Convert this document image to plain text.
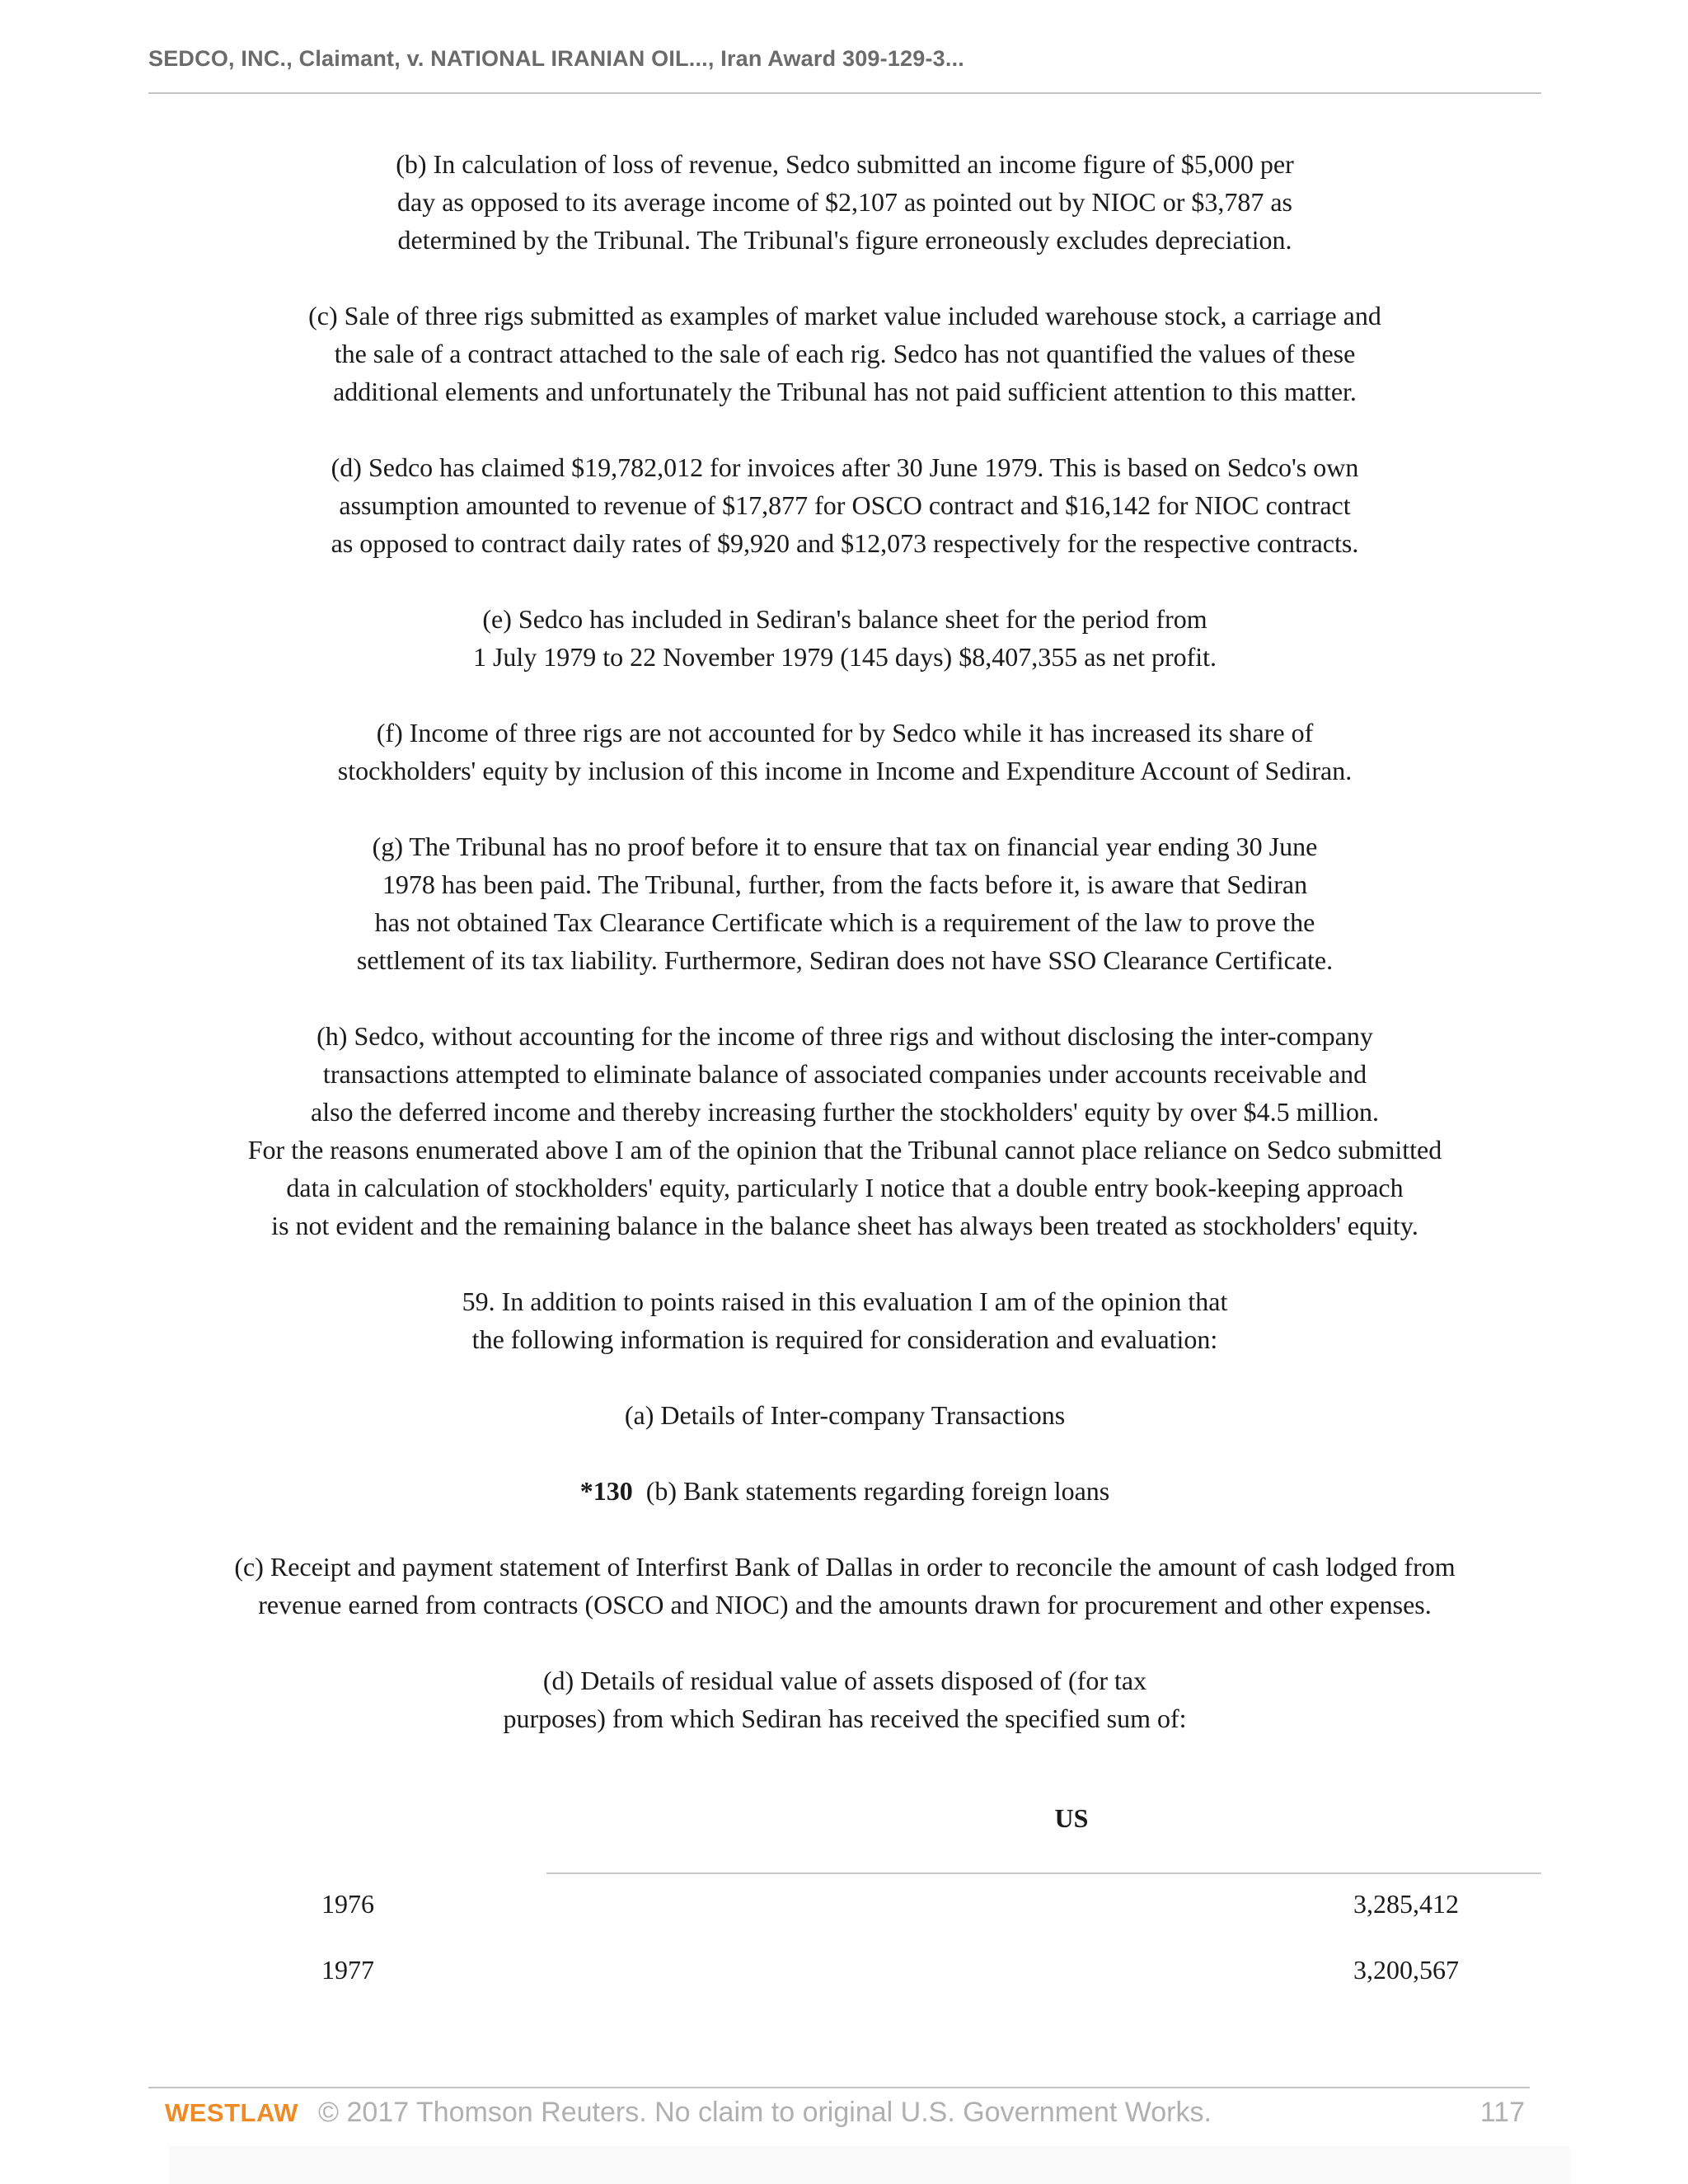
SEDCO, INC., Claimant, v. NATIONAL IRANIAN OIL..., Iran Award 309-129-3...
(b) In calculation of loss of revenue, Sedco submitted an income figure of $5,000 per
day as opposed to its average income of $2,107 as pointed out by NIOC or $3,787 as
determined by the Tribunal. The Tribunal's figure erroneously excludes depreciation.
(c) Sale of three rigs submitted as examples of market value included warehouse stock, a carriage and
the sale of a contract attached to the sale of each rig. Sedco has not quantified the values of these
additional elements and unfortunately the Tribunal has not paid sufficient attention to this matter.
(d) Sedco has claimed $19,782,012 for invoices after 30 June 1979. This is based on Sedco's own
assumption amounted to revenue of $17,877 for OSCO contract and $16,142 for NIOC contract
as opposed to contract daily rates of $9,920 and $12,073 respectively for the respective contracts.
(e) Sedco has included in Sediran's balance sheet for the period from
1 July 1979 to 22 November 1979 (145 days) $8,407,355 as net profit.
(f) Income of three rigs are not accounted for by Sedco while it has increased its share of
stockholders' equity by inclusion of this income in Income and Expenditure Account of Sediran.
(g) The Tribunal has no proof before it to ensure that tax on financial year ending 30 June
1978 has been paid. The Tribunal, further, from the facts before it, is aware that Sediran
has not obtained Tax Clearance Certificate which is a requirement of the law to prove the
settlement of its tax liability. Furthermore, Sediran does not have SSO Clearance Certificate.
(h) Sedco, without accounting for the income of three rigs and without disclosing the inter-company
transactions attempted to eliminate balance of associated companies under accounts receivable and
also the deferred income and thereby increasing further the stockholders' equity by over $4.5 million.
For the reasons enumerated above I am of the opinion that the Tribunal cannot place reliance on Sedco submitted
data in calculation of stockholders' equity, particularly I notice that a double entry book-keeping approach
is not evident and the remaining balance in the balance sheet has always been treated as stockholders' equity.
59. In addition to points raised in this evaluation I am of the opinion that
the following information is required for consideration and evaluation:
(a) Details of Inter-company Transactions
*130 (b) Bank statements regarding foreign loans
(c) Receipt and payment statement of Interfirst Bank of Dallas in order to reconcile the amount of cash lodged from
revenue earned from contracts (OSCO and NIOC) and the amounts drawn for procurement and other expenses.
(d) Details of residual value of assets disposed of (for tax
purposes) from which Sediran has received the specified sum of:
US
1976	3,285,412
1977	3,200,567
WESTLAW © 2017 Thomson Reuters. No claim to original U.S. Government Works.	117
